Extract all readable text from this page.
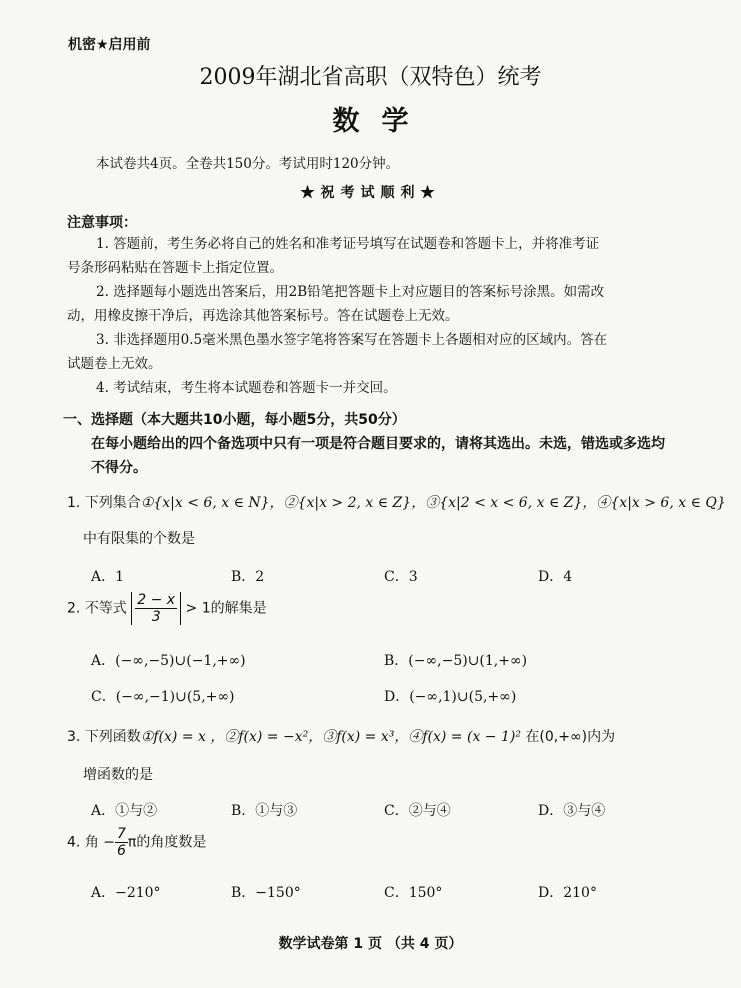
机密★启用前
2009年湖北省高职（双特色）统考
数学
本试卷共4页。全卷共150分。考试用时120分钟。
★祝考试顺利★
注意事项：
1. 答题前，考生务必将自己的姓名和准考证号填写在试题卷和答题卡上，并将准考证
号条形码粘贴在答题卡上指定位置。
2. 选择题每小题选出答案后，用2B铅笔把答题卡上对应题目的答案标号涂黑。如需改
动，用橡皮擦干净后，再选涂其他答案标号。答在试题卷上无效。
3. 非选择题用0.5毫米黑色墨水签字笔将答案写在答题卡上各题相对应的区域内。答在
试题卷上无效。
4. 考试结束，考生将本试题卷和答题卡一并交回。
一、选择题（本大题共10小题，每小题5分，共50分）
在每小题给出的四个备选项中只有一项是符合题目要求的，请将其选出。未选，错选或多选均不得分。
1. 下列集合①{x|x < 6, x ∈ N}，②{x|x > 2, x ∈ Z}，③{x|2 < x < 6, x ∈ Z}，④{x|x > 6, x ∈ Q}
中有限集的个数是
A．1	B．2	C．3	D．4
2. 不等式 $\frac{2 - x}{3} > 1$的解集是
A．(−∞,−5)∪(−1,+∞)	B．(−∞,−5)∪(1,+∞)
C．(−∞,−1)∪(5,+∞)	D．(−∞,1)∪(5,+∞)
3. 下列函数①f(x) = x ，②f(x) = −x²，③f(x) = x³，④f(x) = (x − 1)² 在(0,+∞)内为
增函数的是
A．①与②	B．①与③	C．②与④	D．③与④
4. 角 − $\frac{7}{6}$ π的角度数是
A．−210°	B．−150°	C．150°	D．210°
数学试卷第 1 页 （共 4 页）
